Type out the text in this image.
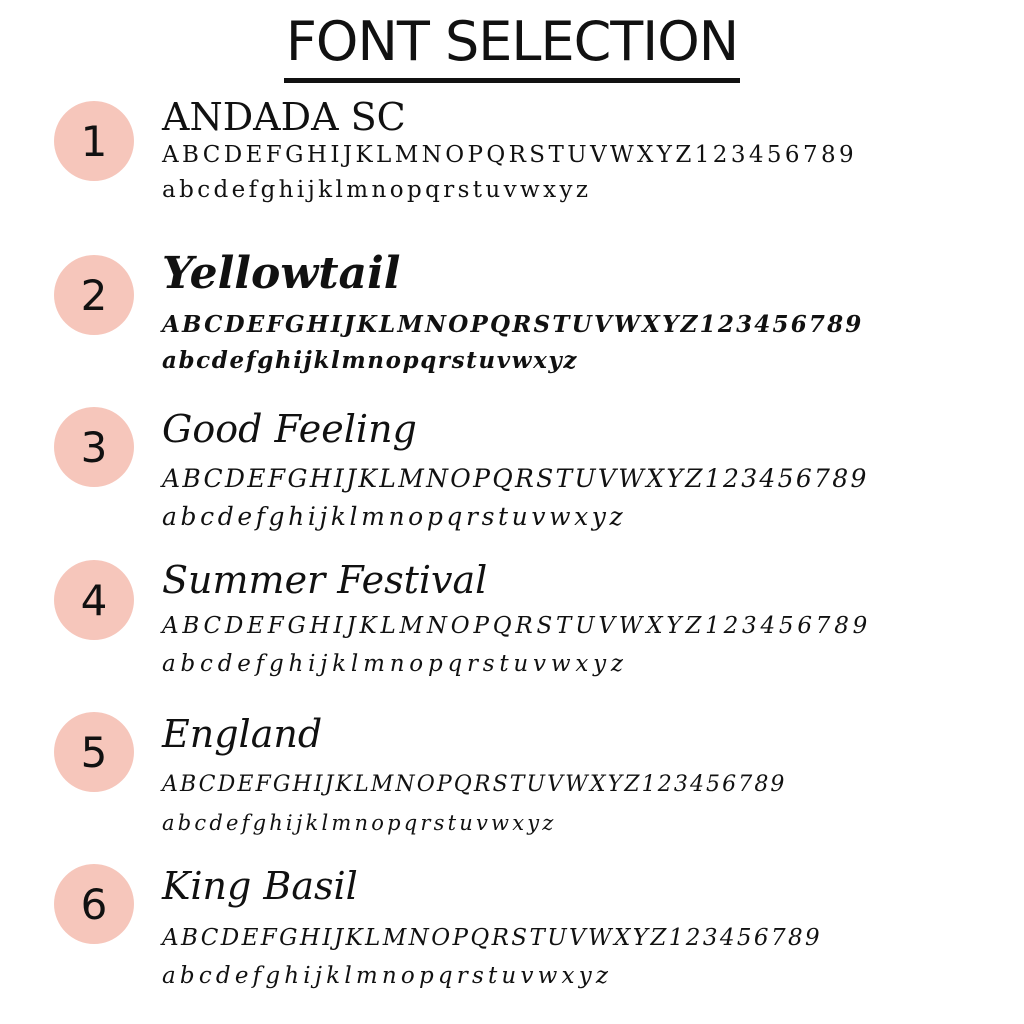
FONT SELECTION
1	ANDADA SC
ABCDEFGHIJKLMNOPQRSTUVWXYZ123456789
abcdefghijklmnopqrstuvwxyz
2	Yellowtail
ABCDEFGHIJKLMNOPQRSTUVWXYZ123456789
abcdefghijklmnopqrstuvwxyz
3	Good Feeling
ABCDEFGHIJKLMNOPQRSTUVWXYZ123456789
abcdefghijklmnopqrstuvwxyz
4	Summer Festival
ABCDEFGHIJKLMNOPQRSTUVWXYZ123456789
abcdefghijklmnopqrstuvwxyz
5	England
ABCDEFGHIJKLMNOPQRSTUVWXYZ123456789
abcdefghijklmnopqrstuvwxyz
6	King Basil
ABCDEFGHIJKLMNOPQRSTUVWXYZ123456789
abcdefghijklmnopqrstuvwxyz
